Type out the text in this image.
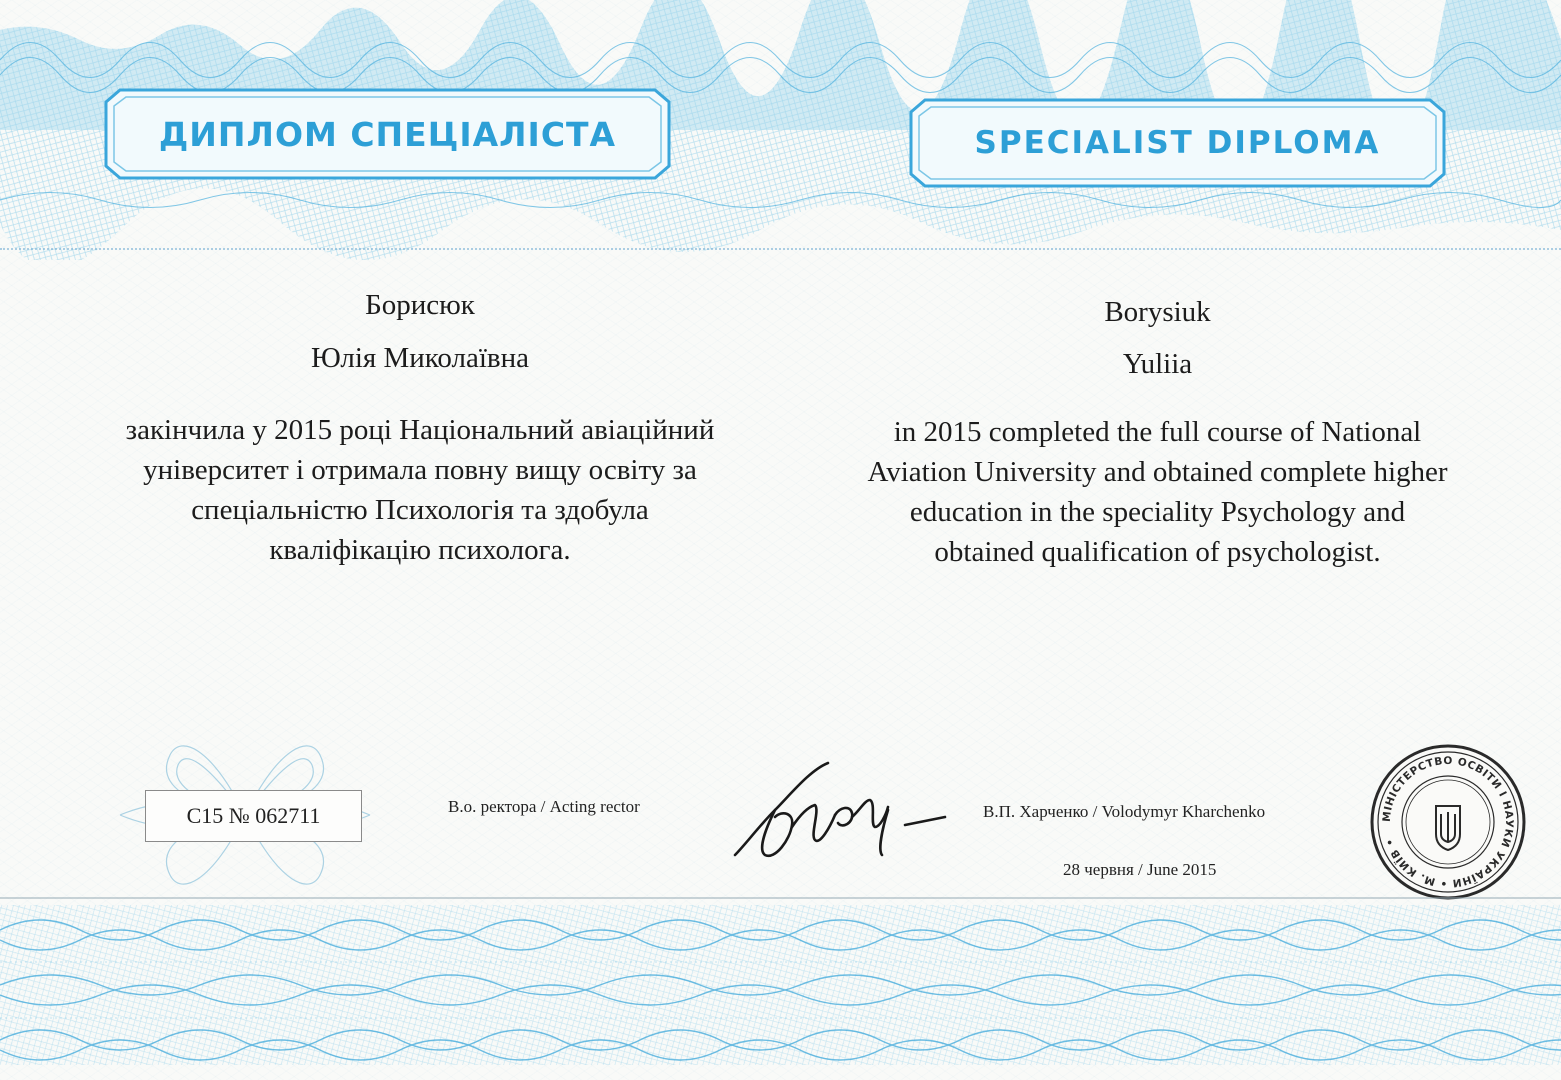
ДИПЛОМ СПЕЦІАЛІСТА	SPECIALIST DIPLOMA
Борисюк
Юлія Миколаївна
закінчила у 2015 році Національний авіаційний
університет і отримала повну вищу освіту за
спеціальністю Психологія та здобула
кваліфікацію психолога.
Borysiuk
Yuliia
in 2015 completed the full course of National
Aviation University and obtained complete higher
education in the speciality Psychology and
obtained qualification of psychologist.
С15 № 062711	В.о. ректора / Acting rector	В.П. Харченко / Volodymyr Kharchenko
28 червня / June 2015
МІНІСТЕРСТВО ОСВІТИ І НАУКИ УКРАЇНИ • М. КИЇВ •
